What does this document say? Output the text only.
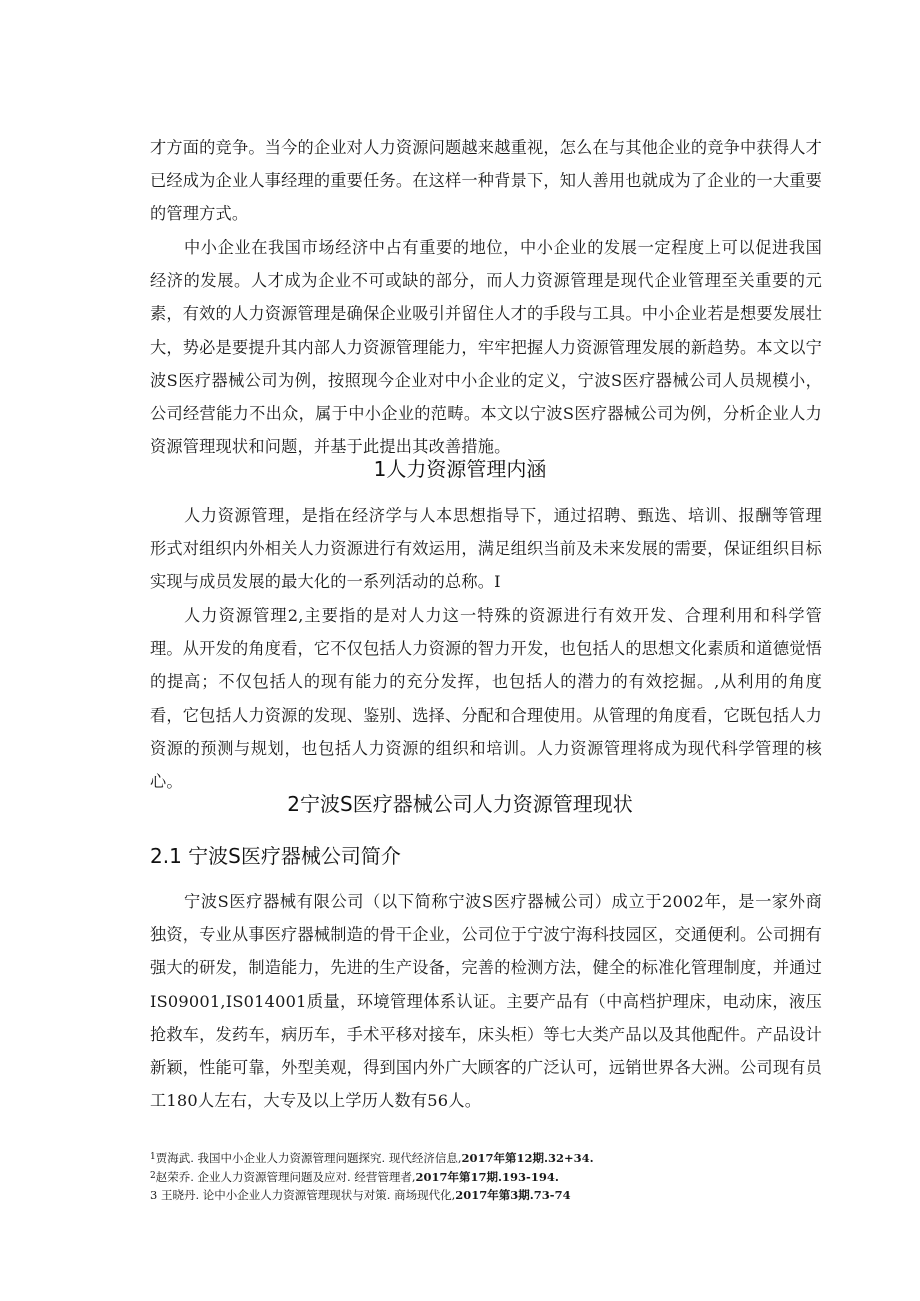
才方面的竞争。当今的企业对人力资源问题越来越重视，怎么在与其他企业的竞争中获得人才已经成为企业人事经理的重要任务。在这样一种背景下，知人善用也就成为了企业的一大重要的管理方式。

中小企业在我国市场经济中占有重要的地位，中小企业的发展一定程度上可以促进我国经济的发展。人才成为企业不可或缺的部分，而人力资源管理是现代企业管理至关重要的元素，有效的人力资源管理是确保企业吸引并留住人才的手段与工具。中小企业若是想要发展壮大，势必是要提升其内部人力资源管理能力，牢牢把握人力资源管理发展的新趋势。本文以宁波S医疗器械公司为例，按照现今企业对中小企业的定义，宁波S医疗器械公司人员规模小，公司经营能力不出众，属于中小企业的范畴。本文以宁波S医疗器械公司为例，分析企业人力资源管理现状和问题，并基于此提出其改善措施。

1人力资源管理内涵

人力资源管理，是指在经济学与人本思想指导下，通过招聘、甄选、培训、报酬等管理形式对组织内外相关人力资源进行有效运用，满足组织当前及未来发展的需要，保证组织目标实现与成员发展的最大化的一系列活动的总称。I

人力资源管理2,主要指的是对人力这一特殊的资源进行有效开发、合理利用和科学管理。从开发的角度看，它不仅包括人力资源的智力开发，也包括人的思想文化素质和道德觉悟的提高；不仅包括人的现有能力的充分发挥，也包括人的潜力的有效挖掘。,从利用的角度看，它包括人力资源的发现、鉴别、选择、分配和合理使用。从管理的角度看，它既包括人力资源的预测与规划，也包括人力资源的组织和培训。人力资源管理将成为现代科学管理的核心。

2宁波S医疗器械公司人力资源管理现状
2.1 宁波S医疗器械公司简介

宁波S医疗器械有限公司（以下简称宁波S医疗器械公司）成立于2002年，是一家外商独资，专业从事医疗器械制造的骨干企业，公司位于宁波宁海科技园区，交通便利。公司拥有强大的研发，制造能力，先进的生产设备，完善的检测方法，健全的标准化管理制度，并通过IS09001,IS014001质量，环境管理体系认证。主要产品有（中高档护理床，电动床，液压抢救车，发药车，病历车，手术平移对接车，床头柜）等七大类产品以及其他配件。产品设计新颖，性能可靠，外型美观，得到国内外广大顾客的广泛认可，远销世界各大洲。公司现有员工180人左右，大专及以上学历人数有56人。

$^1$贾海武. 我国中小企业人力资源管理问题探究. 现代经济信息,2017年第12期.32+34.

$^2$赵荣乔. 企业人力资源管理问题及应对. 经营管理者,2017年第17期.193-194.

3 王晓丹. 论中小企业人力资源管理现状与对策. 商场现代化,2017年第3期.73-74
